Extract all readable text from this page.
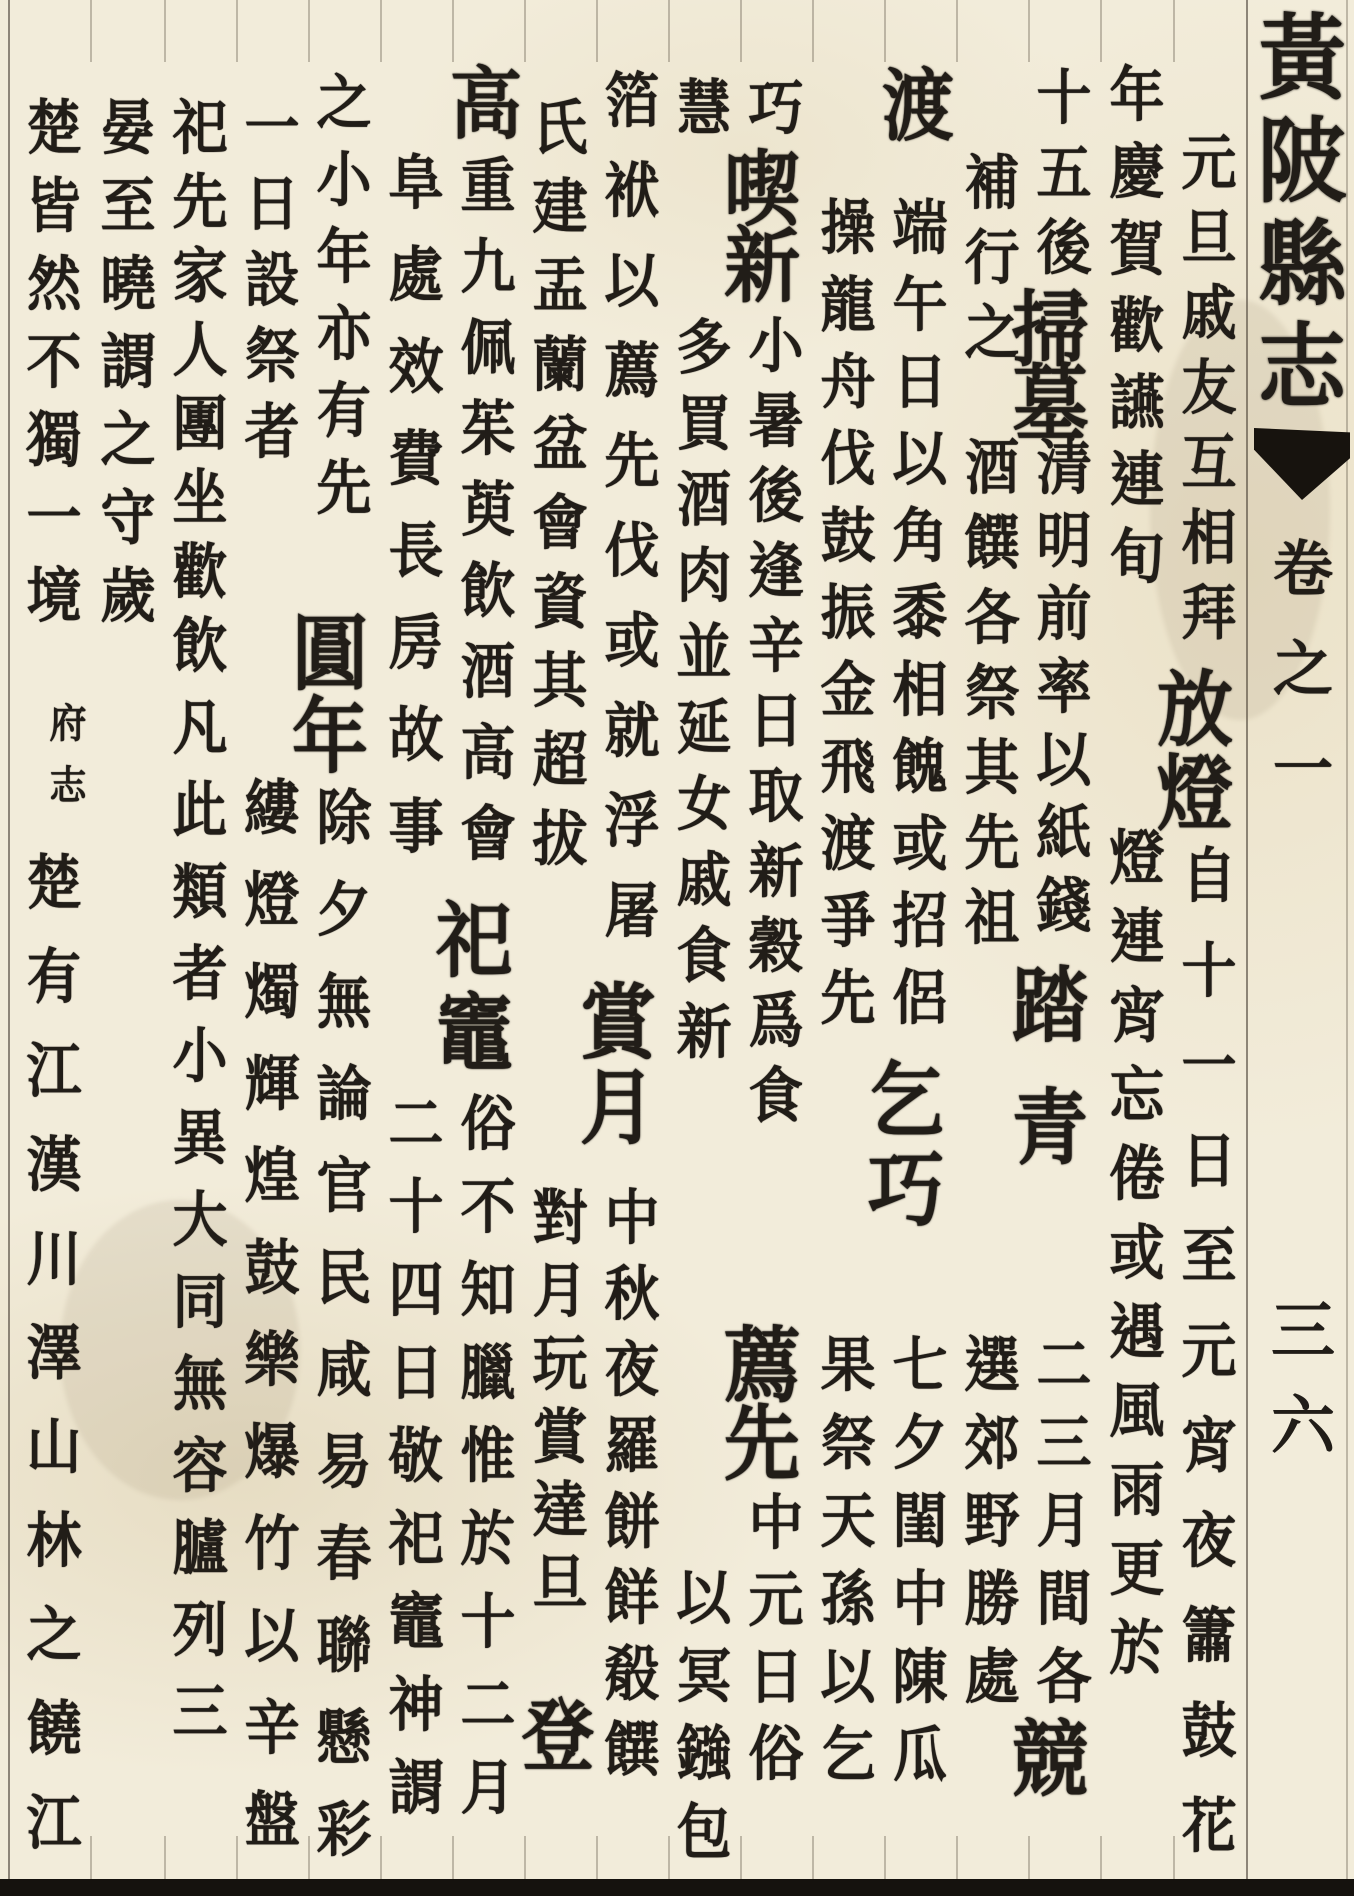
黃
陂
縣
志
卷
之
一
三
六
元
旦
戚
友
互
相
拜
放
燈
自
十
一
日
至
元
宵
夜
簫
鼓
花
年
慶
賀
歡
讌
連
旬
燈
連
宵
忘
倦
或
遇
風
雨
更
於
十
五
後
掃
墓
清
明
前
率
以
紙
錢
踏
青
二
三
月
間
各
競
補
行
之
酒
饌
各
祭
其
先
祖
選
郊
野
勝
處
渡
端
午
日
以
角
黍
相
餽
或
招
侶
乞
巧
七
夕
閨
中
陳
瓜
操
龍
舟
伐
鼓
振
金
飛
渡
爭
先
果
祭
天
孫
以
乞
巧
喫
新
小
暑
後
逢
辛
日
取
新
穀
爲
食
薦
先
中
元
日
俗
慧
多
買
酒
肉
並
延
女
戚
食
新
以
冥
鏹
包
箔
袱
以
薦
先
伐
或
就
浮
屠
賞
月
中
秋
夜
羅
餅
䬺
殽
饌
氏
建
盂
蘭
盆
會
資
其
超
拔
對
月
玩
賞
達
旦
登
高
重
九
佩
茱
萸
飲
酒
高
會
祀
竈
俗
不
知
臘
惟
於
十
二
月
阜
處
效
費
長
房
故
事
二
十
四
日
敬
祀
竈
神
謂
之
小
年
亦
有
先
圓
年
除
夕
無
論
官
民
咸
易
春
聯
懸
彩
一
日
設
祭
者
縷
燈
燭
輝
煌
鼓
樂
爆
竹
以
辛
盤
祀
先
家
人
團
坐
歡
飲
凡
此
類
者
小
異
大
同
無
容
臚
列
三
晏
至
曉
謂
之
守
歲
楚
皆
然
不
獨
一
境
府
志
楚
有
江
漢
川
澤
山
林
之
饒
江
